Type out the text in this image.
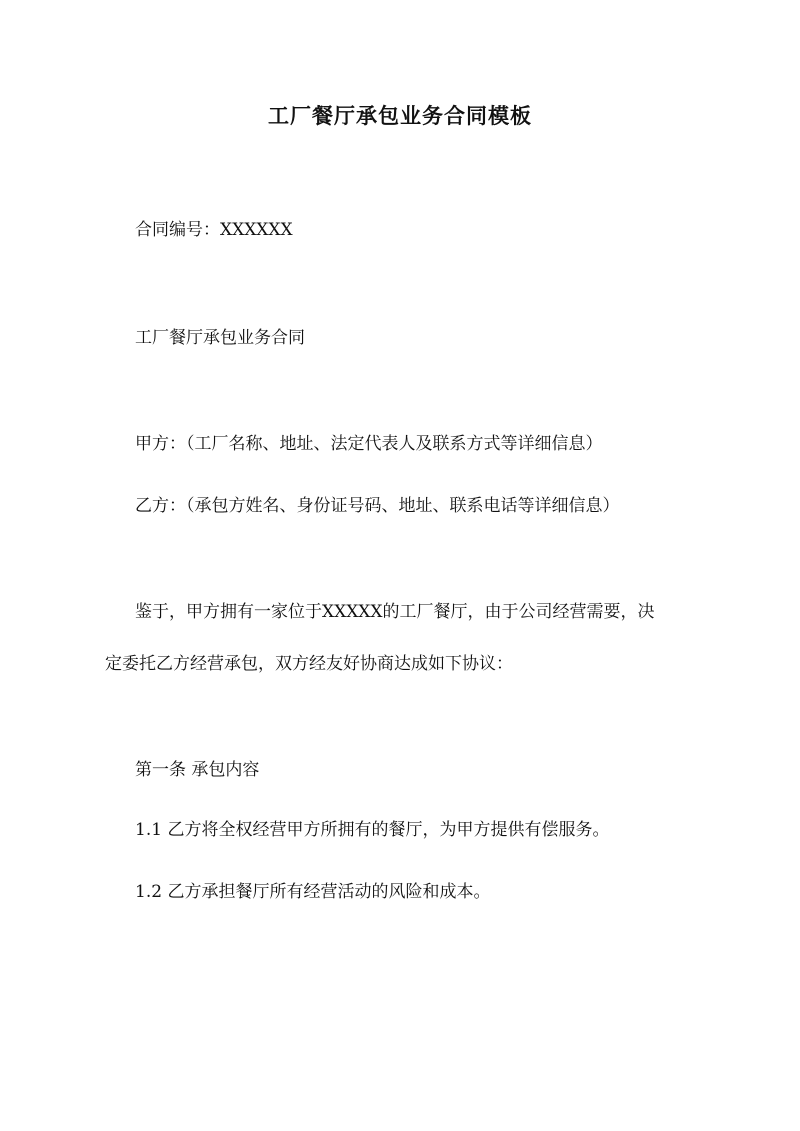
工厂餐厅承包业务合同模板
合同编号：XXXXXX
工厂餐厅承包业务合同
甲方：（工厂名称、地址、法定代表人及联系方式等详细信息）
乙方：（承包方姓名、身份证号码、地址、联系电话等详细信息）
鉴于，甲方拥有一家位于XXXXX的工厂餐厅，由于公司经营需要，决
定委托乙方经营承包，双方经友好协商达成如下协议：
第一条 承包内容
1.1 乙方将全权经营甲方所拥有的餐厅，为甲方提供有偿服务。
1.2 乙方承担餐厅所有经营活动的风险和成本。
